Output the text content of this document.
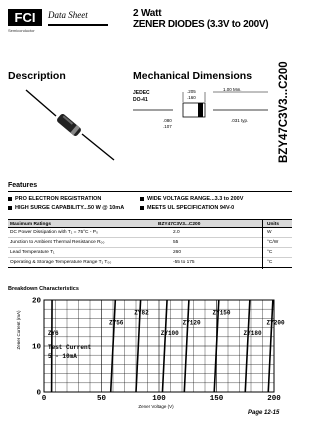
FCI
Semiconductor
Data Sheet	2 Watt
ZENER DIODES (3.3V to 200V)
Description	Mechanical Dimensions
JEDEC
DO-41
.205
.160
1.00 Min.
.080
.107
.031 typ.	BZY47C3V3...C200
Features
PRO ELECTRON REGISTRATION	WIDE VOLTAGE RANGE...3.3 to 200V
HIGH SURGE CAPABILITY...50 W @ 10mA	MEETS UL SPECIFICATION 94V-0
Maximum Ratings	BZY47C3V3...C200	Units
DC Power Dissipation with T₁ = 75°C - P₀	2.0	W
Junction to Ambient Thermal Resistance R₀₀	55	°C/W
Lead Temperature T₁	260	°C
Operating & Storage Temperature Range T₁ T₀₀	-55 to 175	°C
Breakdown Characteristics
ZY6
ZY56
ZY82
ZY100
ZY120
ZY150
ZY180
ZY200
0	50	100	150	200
0
10
20
Zener Current (mA)
Zener Voltage (V)
Test Current
5 - 10mA
Page 12-15
